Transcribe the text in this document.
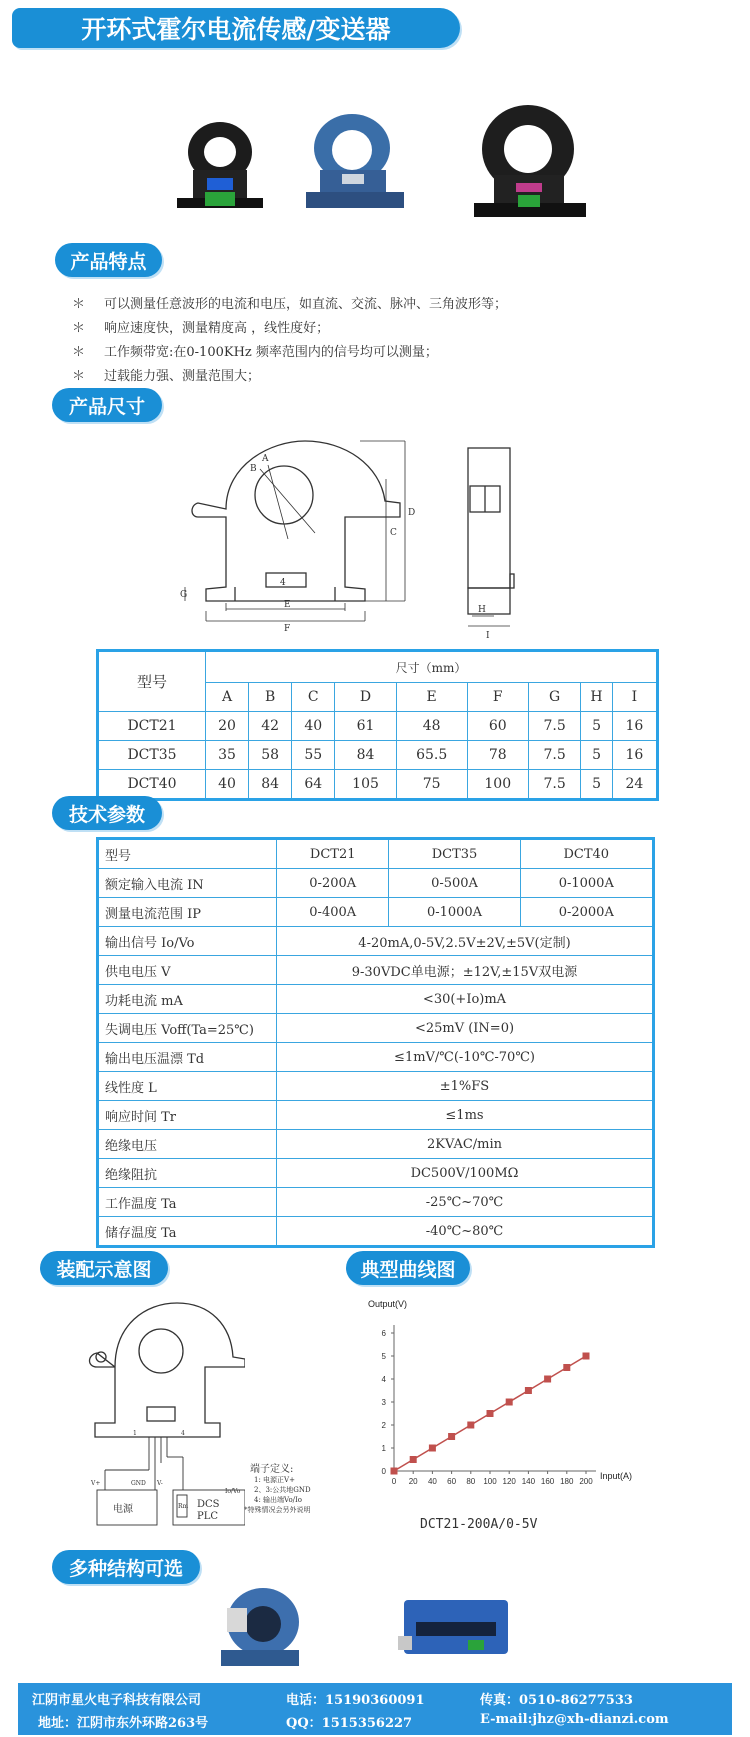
开环式霍尔电流传感/变送器
产品特点
＊ 可以测量任意波形的电流和电压，如直流、交流、脉冲、三角波形等；
＊ 响应速度快，测量精度高 ，线性度好；
＊ 工作频带宽:在0-100KHz 频率范围内的信号均可以测量；
＊ 过载能力强、测量范围大；
产品尺寸
A
B
C
D
E
F
G
4
H
I
型号	尺寸（mm）								
	A	B	C	D	E	F	G	H	I
DCT21	20	42	40	61	48	60	7.5	5	16
DCT35	35	58	55	84	65.5	78	7.5	5	16
DCT40	40	84	64	105	75	100	7.5	5	24
技术参数
型号	DCT21	DCT35	DCT40
额定输入电流 IN	0-200A	0-500A	0-1000A
测量电流范围 IP	0-400A	0-1000A	0-2000A
输出信号 Io/Vo	4-20mA,0-5V,2.5V±2V,±5V(定制)		
供电电压 V	9-30VDC单电源；±12V,±15V双电源		
功耗电流 mA	<30(+Io)mA		
失调电压 Voff(Ta=25℃)	<25mV (IN=0)		
输出电压温漂 Td	≤1mV/℃(-10℃-70℃)		
线性度 L	±1%FS		
响应时间 Tr	≤1ms		
绝缘电压	2KVAC/min		
绝缘阻抗	DC500V/100MΩ		
工作温度 Ta	-25℃~70℃		
储存温度 Ta	-40℃~80℃		
装配示意图	典型曲线图
V+	GND V-
Io/Vo
Rm
1	4
电源	DCS
PLC
端子定义:
1: 电源正V+
2、3:公共地GND
4: 输出端Vo/Io
*特殊情况会另外说明
0 20 40 60 80 100 120 140 160 180 200
0
1
2
3
4
5
6
Output(V)
Input(A)
DCT21-200A/0-5V
多种结构可选
江阴市星火电子科技有限公司	电话：15190360091	传真：0510-86277533
地址：江阴市东外环路263号	QQ：1515356227	E-mail:jhz@xh-dianzi.com
